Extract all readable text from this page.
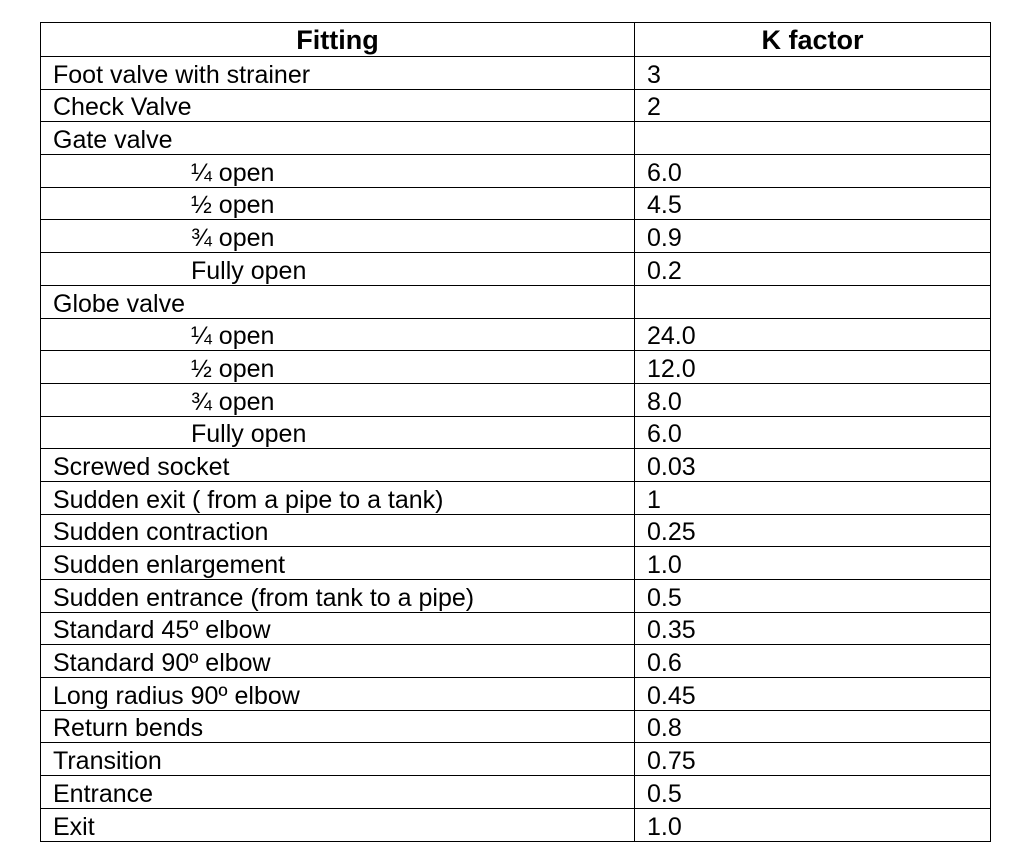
Fitting	K factor
Foot valve with strainer	3
Check Valve	2
Gate valve	
¼ open	6.0
½ open	4.5
¾ open	0.9
Fully open	0.2
Globe valve	
¼ open	24.0
½ open	12.0
¾ open	8.0
Fully open	6.0
Screwed socket	0.03
Sudden exit ( from a pipe to a tank)	1
Sudden contraction	0.25
Sudden enlargement	1.0
Sudden entrance (from tank to a pipe)	0.5
Standard 45º elbow	0.35
Standard 90º elbow	0.6
Long radius 90º elbow	0.45
Return bends	0.8
Transition	0.75
Entrance	0.5
Exit	1.0
